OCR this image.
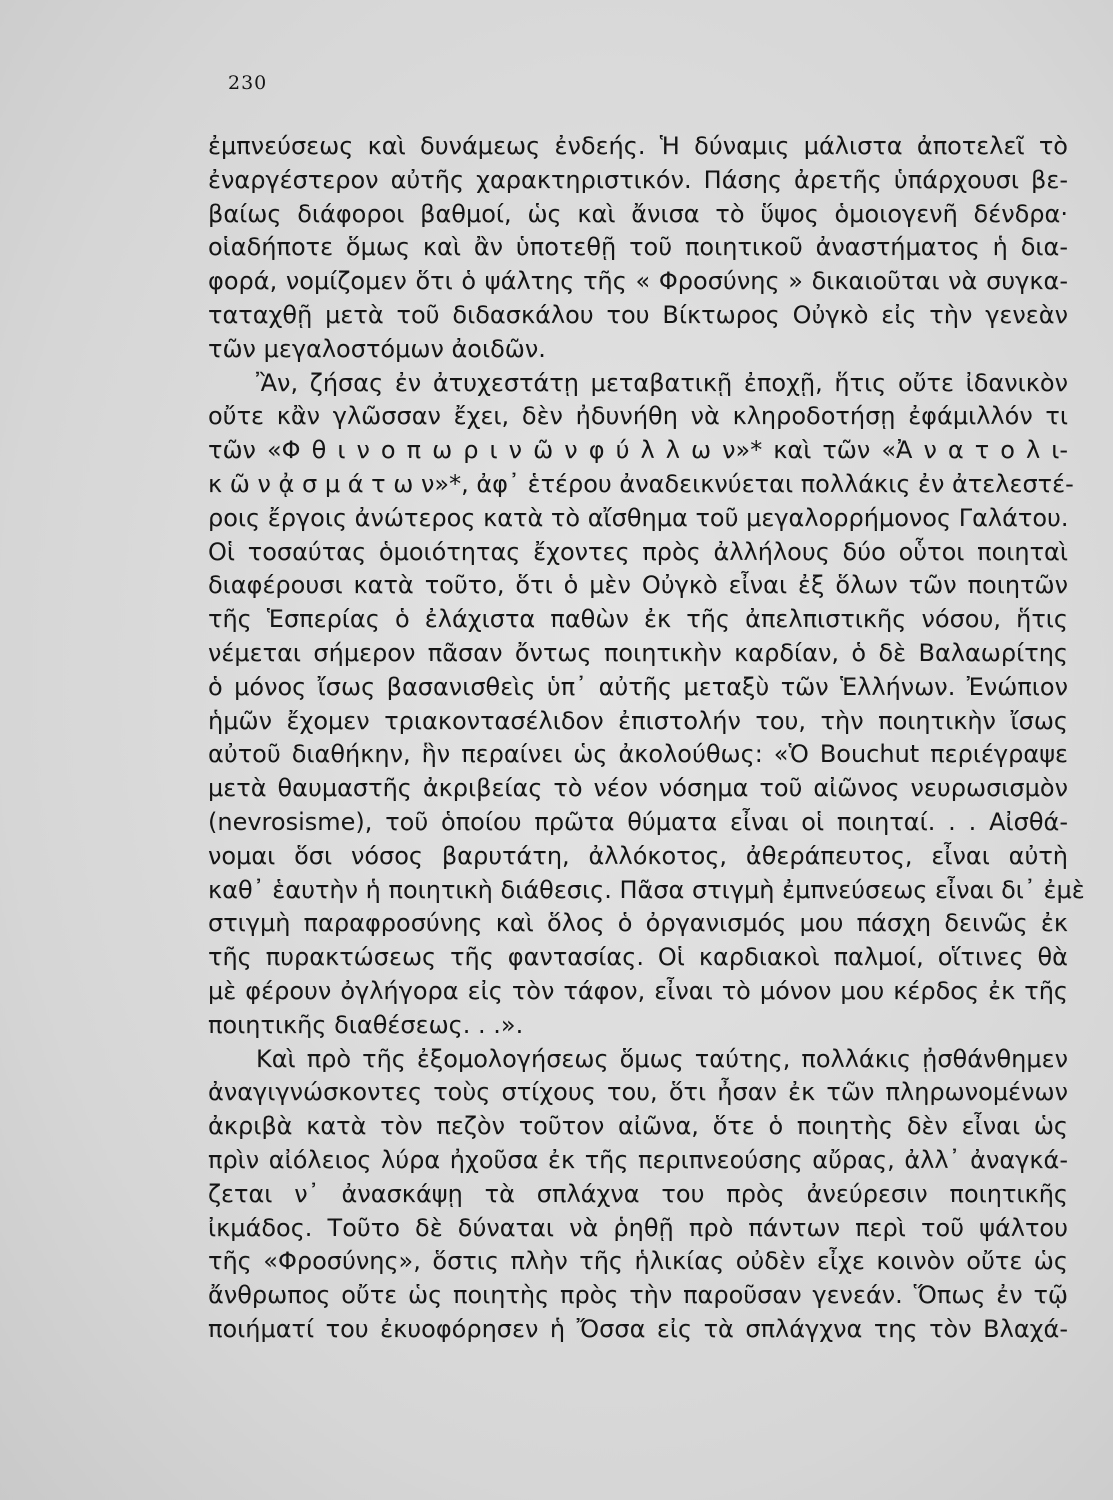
230
ἐμπνεύσεως καὶ δυνάμεως ἐνδεής. Ἡ δύναμις μάλιστα ἀποτελεῖ τὸ
ἐναργέστερον αὐτῆς χαρακτηριστικόν. Πάσης ἀρετῆς ὑπάρχουσι βε-
βαίως διάφοροι βαθμοί, ὡς καὶ ἄνισα τὸ ὕψος ὁμοιογενῆ δένδρα·
οἱαδήποτε ὅμως καὶ ἂν ὑποτεθῇ τοῦ ποιητικοῦ ἀναστήματος ἡ δια-
φορά, νομίζομεν ὅτι ὁ ψάλτης τῆς « Φροσύνης » δικαιοῦται νὰ συγκα-
ταταχθῇ μετὰ τοῦ διδασκάλου του Βίκτωρος Οὐγκὸ εἰς τὴν γενεὰν
τῶν μεγαλοστόμων ἀοιδῶν.
Ἂν, ζήσας ἐν ἀτυχεστάτῃ μεταβατικῇ ἐποχῇ, ἥτις οὔτε ἰδανικὸν
οὔτε κἂν γλῶσσαν ἔχει, δὲν ἠδυνήθη νὰ κληροδοτήσῃ ἐφάμιλλόν τι
τῶν «Φ θ ι ν ο π ω ρ ι ν ῶ ν φ ύ λ λ ω ν»* καὶ τῶν «Ἀ ν α τ ο λ ι-
κ ῶ ν ᾀ σ μ ά τ ω ν»*, ἀφ᾽ ἑτέρου ἀναδεικνύεται πολλάκις ἐν ἀτελεστέ-
ροις ἔργοις ἀνώτερος κατὰ τὸ αἴσθημα τοῦ μεγαλορρήμονος Γαλάτου.
Οἱ τοσαύτας ὁμοιότητας ἔχοντες πρὸς ἀλλήλους δύο οὗτοι ποιηταὶ
διαφέρουσι κατὰ τοῦτο, ὅτι ὁ μὲν Οὐγκὸ εἶναι ἐξ ὅλων τῶν ποιητῶν
τῆς Ἑσπερίας ὁ ἐλάχιστα παθὼν ἐκ τῆς ἀπελπιστικῆς νόσου, ἥτις
νέμεται σήμερον πᾶσαν ὄντως ποιητικὴν καρδίαν, ὁ δὲ Βαλαωρίτης
ὁ μόνος ἴσως βασανισθεὶς ὑπ᾽ αὐτῆς μεταξὺ τῶν Ἑλλήνων. Ἐνώπιον
ἡμῶν ἔχομεν τριακοντασέλιδον ἐπιστολήν του, τὴν ποιητικὴν ἴσως
αὐτοῦ διαθήκην, ἣν περαίνει ὡς ἀκολούθως: «Ὁ Bouchut περιέγραψε
μετὰ θαυμαστῆς ἀκριβείας τὸ νέον νόσημα τοῦ αἰῶνος νευρωσισμὸν
(nevrosisme), τοῦ ὁποίου πρῶτα θύματα εἶναι οἱ ποιηταί. . . Αἰσθά-
νομαι ὅσι νόσος βαρυτάτη, ἀλλόκοτος, ἀθεράπευτος, εἶναι αὐτὴ
καθ᾽ ἑαυτὴν ἡ ποιητικὴ διάθεσις. Πᾶσα στιγμὴ ἐμπνεύσεως εἶναι δι᾽ ἐμὲ
στιγμὴ παραφροσύνης καὶ ὅλος ὁ ὀργανισμός μου πάσχη δεινῶς ἐκ
τῆς πυρακτώσεως τῆς φαντασίας. Οἱ καρδιακοὶ παλμοί, οἵτινες θὰ
μὲ φέρουν ὀγλήγορα εἰς τὸν τάφον, εἶναι τὸ μόνον μου κέρδος ἐκ τῆς
ποιητικῆς διαθέσεως. . .».
Καὶ πρὸ τῆς ἐξομολογήσεως ὅμως ταύτης, πολλάκις ᾐσθάνθημεν
ἀναγιγνώσκοντες τοὺς στίχους του, ὅτι ἦσαν ἐκ τῶν πληρωνομένων
ἀκριβὰ κατὰ τὸν πεζὸν τοῦτον αἰῶνα, ὅτε ὁ ποιητὴς δὲν εἶναι ὡς
πρὶν αἰόλειος λύρα ἠχοῦσα ἐκ τῆς περιπνεούσης αὔρας, ἀλλ᾽ ἀναγκά-
ζεται ν᾽ ἀνασκάψῃ τὰ σπλάχνα του πρὸς ἀνεύρεσιν ποιητικῆς
ἰκμάδος. Τοῦτο δὲ δύναται νὰ ῥηθῇ πρὸ πάντων περὶ τοῦ ψάλτου
τῆς «Φροσύνης», ὅστις πλὴν τῆς ἡλικίας οὐδὲν εἶχε κοινὸν οὔτε ὡς
ἄνθρωπος οὔτε ὡς ποιητὴς πρὸς τὴν παροῦσαν γενεάν. Ὅπως ἐν τῷ
ποιήματί του ἐκυοφόρησεν ἡ Ὄσσα εἰς τὰ σπλάγχνα της τὸν Βλαχά-
